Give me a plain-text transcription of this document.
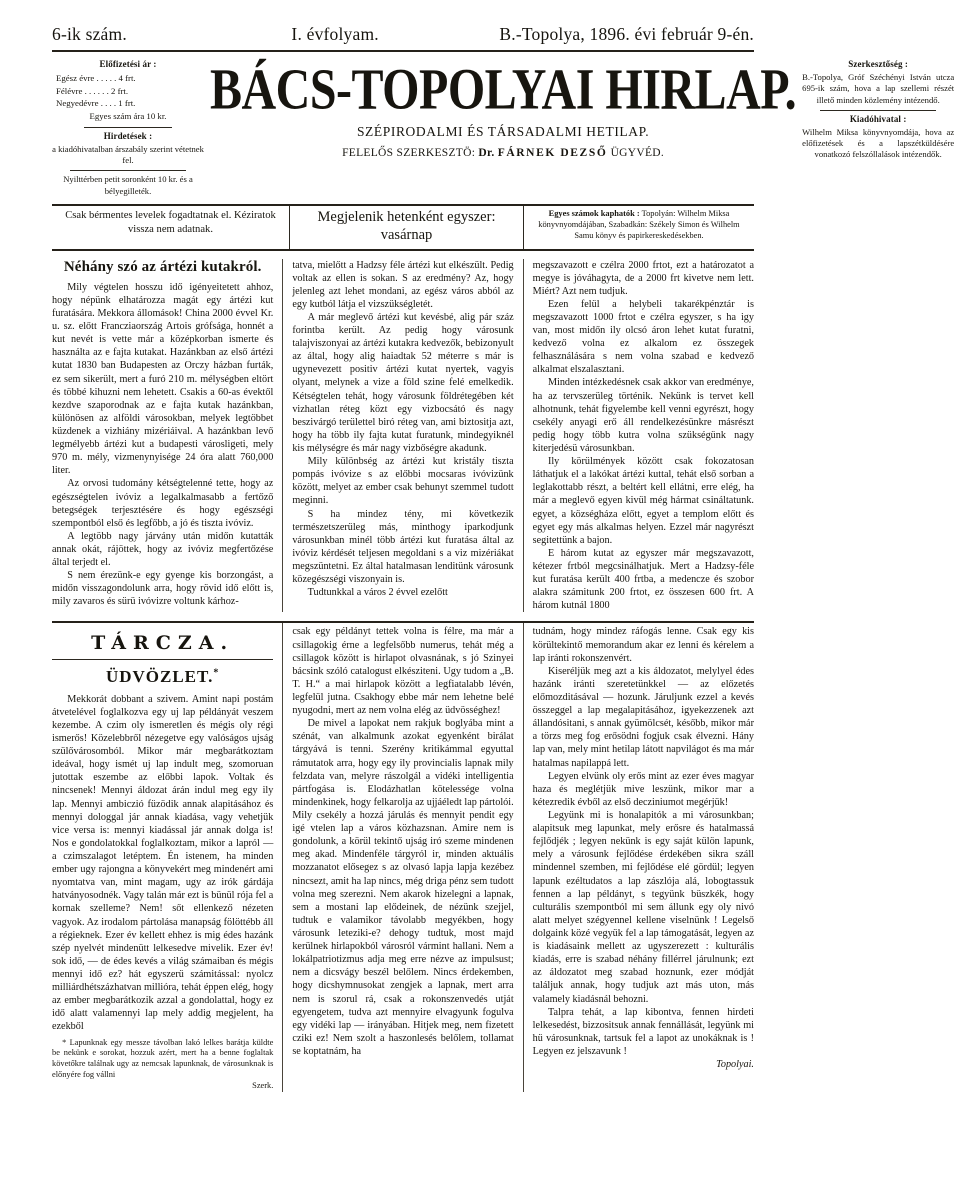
6-ik szám.	I. évfolyam.	B.-Topolya, 1896. évi február 9-én.
Előfizetési ár :
Egész évre . . . . . 4 frt.
Félévre . . . . . . 2 frt.
Negyedévre . . . . 1 frt.
Egyes szám ára 10 kr.
Hirdetések :

a kiadóhivatalban árszabály szerint vétetnek fel.

Nyilttérben petit soronként 10 kr. és a bélyegilleték.

BÁCS-TOPOLYAI HIRLAP.
SZÉPIRODALMI ÉS TÁRSADALMI HETILAP.
FELELŐS SZERKESZTÖ: Dr. FÁRNEK DEZSŐ ÜGYVÉD.
Szerkesztőség :

B.-Topolya, Gróf Széchényi István utcza 695-ik szám, hova a lap szellemi részét illető minden közlemény intézendő.

Kiadóhivatal :

Wilhelm Miksa könyvnyomdája, hova az előfizetések és a lapszétküldésére vonatkozó felszóllalások intézendők.

Csak bérmentes levelek fogadtatnak el. Kéziratok vissza nem adatnak.
Megjelenik hetenként egyszer:
vasárnap
Egyes számok kaphatók : Topolyán: Wilhelm Miksa könyvnyomdájában, Szabadkán: Székely Simon és Wilhelm Samu könyv és papirkereskedésekben.
Néhány szó az ártézi kutakról.

Mily végtelen hosszu idő igényeitetett ahhoz, hogy népünk elhatározza magát egy ártézi kut furatására. Mekkora állomások! China 2000 évvel Kr. u. sz. előtt Francziaország Artois grófsága, honnét a kut nevét is vette már a középkorban ismerte és használta az e fajta kutakat. Hazánkban az első ártézi kutat 1830 ban Budapesten az Orczy házban furták, ez sem sikerült, mert a furó 210 m. mélységben eltört és többé kihuzni nem lehetett. Csakis a 60-as évektől kezdve szaporodnak az e fajta kutak hazánkban, különösen az alföldi városokban, melyek legtöbbet küzdenek a vizhiány mizériáival. A hazánkban levő legmélyebb ártézi kut a budapesti városligeti, mely 970 m. mély, vizmenynyisége 24 óra alatt 760,000 liter.

Az orvosi tudomány kétségtelenné tette, hogy az egészségtelen ivóviz a legalkalmasabb a fertőző betegségek terjesztésére és hogy egészségi szempontból első és legfőbb, a jó és tiszta ivóviz.

A legtöbb nagy járvány után midőn kutatták annak okát, rájöttek, hogy az ivóviz megfertőzése által terjedt el.

S nem érezünk-e egy gyenge kis borzongást, a midőn visszagondolunk arra, hogy rövid idő előtt is, mily zavaros és sürü ivóvizre voltunk kárhoz-

tatva, mielőtt a Hadzsy féle ártézi kut elkészült. Pedig voltak az ellen is sokan. S az eredmény? Az, hogy jelenleg azt lehet mondani, az egész város abból az egy kutból látja el vizszükségletét.

A már meglevő ártézi kut kevésbé, alig pár száz forintba került. Az pedig hogy városunk talajviszonyai az ártézi kutakra kedvezők, bebizonyult az által, hogy alig haiadtak 52 méterre s már is ugynevezett positiv ártézi kutat nyertek, vagyis olyant, melynek a vize a föld szine felé emelkedik. Kétségtelen tehát, hogy városunk földrétegében két vizhatlan réteg közt egy vizbocsátó és nagy beszivárgó területtel biró réteg van, ami biztositja azt, hogy ha több ily fajta kutat furatunk, mindegyiknél kis mélységre és már nagy vizbőségre akadunk.

Mily különbség az ártézi kut kristály tiszta pompás ivóvize s az előbbi mocsaras ivóvizünk között, melyet az ember csak behunyt szemmel tudott meginni.

S ha mindez tény, mi következik természetszerüleg más, minthogy iparkodjunk városunkban minél több ártézi kut furatása által az ivóviz kérdését teljesen megoldani s a viz mizériákat megszüntetni. Ez által hatalmasan lenditünk városunk közegészségi viszonyain is.

Tudtunkkal a város 2 évvel ezelőtt

megszavazott e czélra 2000 frtot, ezt a határozatot a megye is jóváhagyta, de a 2000 frt kivetve nem lett. Miért? Azt nem tudjuk.

Ezen felül a helybeli takarékpénztár is megszavazott 1000 frtot e czélra egyszer, s ha igy van, most midőn ily olcsó áron lehet kutat furatni, kedvező volna ez alkalom ez összegek felhasználására s nem volna szabad e kedvező alkalmat elszalasztani.

Minden intézkedésnek csak akkor van eredménye, ha az tervszerüleg történik. Nekünk is tervet kell alhotnunk, tehát figyelembe kell venni egyrészt, hogy csekély anyagi erő áll rendelkezésünkre másrészt pedig hogy több kutra volna szükségünk nagy kiterjedésü városunkban.

Ily körülmények között csak fokozatosan láthatjuk el a lakókat ártézi kuttal, tehát első sorban a leglakottabb részt, a beltért kell ellátni, erre elég, ha már a meglevő egyen kivül még hármat csináltatunk. egyet, a községháza előtt, egyet a templom előtt és egyet egy más alkalmas helyen. Ezzel már nagyrészt segitettünk a bajon.

E három kutat az egyszer már megszavazott, kétezer frtból megcsinálhatjuk. Mert a Hadzsy-féle kut furatása került 400 frtba, a medencze és szobor alakra számitunk 200 frtot, ez összesen 600 frt. A három kutnál 1800

TÁRCZA.
ÜDVÖZLET.*

Mekkorát dobbant a szivem. Amint napi postám átvetelével foglalkozva egy uj lap példányát veszem kezembe. A czim oly ismeretlen és mégis oly régi ismerős! Közelebbről nézegetve egy valóságos ujság szülővárosomból. Mikor már megbarátkoztam ideával, hogy ismét uj lap indult meg, szomoruan jutottak eszembe az előbbi lapok. Voltak és nincsenek! Mennyi áldozat árán indul meg egy ily lap. Mennyi ambiczió füzödik annak alapitásához és mennyi dologgal jár annak kiadása, vagy vehetjük vice versa is: mennyi kiadással jár annak dolga is! Nos e gondolatokkal foglalkoztam, mikor a lapról — a czimszalagot letéptem. Én istenem, ha minden ember ugy rajongna a könyvekért meg mindenért ami nyomtatva van, mint magam, ugy az irók gárdája hatványosodnék. Vagy talán már ezt is bünül rója fel a kornak szelleme? Nem! sőt ellenkező nézeten vagyok. Az irodalom pártolása manapság fölöttébb áll a régieknek. Ezer év kellett ehhez is mig édes hazánk szép nyelvét mindenütt lelkesedve mivelik. Ezer év! sok idő, — de édes kevés a világ számaiban és mégis mennyi idő ez? hát egyszerü számitással: nyolcz milliárdhétszázhatvan millióra, tehát éppen elég, hogy az ember megbarátkozik azzal a gondolattal, hogy ez idő alatt valamennyi lap mely addig megjelent, ha ezekből

* Lapunknak egy messze távolban lakó lelkes barátja küldte be nekünk e sorokat, hozzuk azért, mert ha a benne foglaltak követőkre találnak ugy az nemcsak lapunknak, de városunknak is előnyére fog vállni

Szerk.

csak egy példányt tettek volna is félre, ma már a csillagokig érne a legfelsőbb numerus, tehát még a csillagok között is hirlapot olvasnának, s jó Szinyei bácsink szóló catalogust elkésziteni. Ugy tudom a „B. T. H.“ a mai hirlapok között a legfiatalabb lévén, legfelül jutna. Csakhogy ebbe már nem lehetne belé nyugodni, mert az nem volna elég az üdvösséghez!

De mivel a lapokat nem rakjuk boglyába mint a szénát, van alkalmunk azokat egyenként birálat tárgyává is tenni. Szerény kritikámmal egyuttal rámutatok arra, hogy egy ily provincialis lapnak mily felzdata van, melyre rászolgál a vidéki intelligentia pártfogása is. Elodázhatlan kötelessége volna mindenkinek, hogy felkarolja az ujjáéledt lap pártolói. Mily csekély a hozzá járulás és mennyit pendit egy igé vtelen lap a város közhazsnan. Amire nem is gondolunk, a körül tekintő ujság iró szeme mindenen meg akad. Mindenféle tárgyról ir, minden aktuális mozzanatot elősegez s az olvasó lapja lapja kezébez nincsezt, amit ha lap nincs, még driga pénz sem tudott volna meg szerezni. Nem akarok hizelegni a lapnak, sem a mostani lap elődeinek, de nézünk szejjel, tudtuk e valamikor távolabb megyékben, hogy városunk leteziki-e? dehogy tudtuk, most majd kerülnek hirlapokból városról vármint hallani. Nem a lokálpatriotizmus adja meg erre nézve az impulsust; nem a dicsvágy beszél belőlem. Nincs érdekemben, hogy dicshymnusokat zengjek a lapnak, mert arra nem is szorul rá, csak a rokonszenvedés utját egyengetem, tudva azt mennyire elvagyunk fogulva egy vidéki lap — irányában. Hitjek meg, nem fizetett cziki ez! Nem szolt a haszonlesés belőlem, tollamat se koptatnám, ha

tudnám, hogy mindez ráfogás lenne. Csak egy kis körültekintő memorandum akar ez lenni és kérelem a lap iránti rokonszenvért.

Kiseréljük meg azt a kis áldozatot, melylyel édes hazánk iránti szeretetünkkel — az előzetés előmozditásával — hozunk. Járuljunk ezzel a kevés összeggel a lap megalapitásához, igyekezzenek azt állandósitani, s annak gyümölcsét, később, mikor már a törzs meg fog erősödni fogjuk csak élvezni. Hány lap van, mely mint hetilap látott napvilágot és ma már hatalmas napilappá lett.

Legyen elvünk oly erős mint az ezer éves magyar haza és meglétjük mive leszünk, mikor mar a kétezredik évből az első decziniumot megérjük!

Legyünk mi is honalapitók a mi városunkban; alapitsuk meg lapunkat, mely erősre és hatalmassá fejlődjék ; legyen nekünk is egy saját külön lapunk, mely a városunk fejlődése érdekében sikra száll mindennel szemben, mi fejlődése elé gördül; legyen lapunk ezéltudatos a lap zászlója alá, lobogtassuk fennen a lap példányt, s tegyünk büszkék, hogy culturális szempontból mi sem állunk egy oly nivó alatt melyet szégyennel kellene viselnünk ! Legelső dolgaink közé vegyük fel a lap támogatását, legyen az is kiadásaink mellett az ugyszerezett : kulturális kiadás, erre is szabad néhány fillérrel járulnunk; ezt az áldozatot meg szabad hoznunk, ezer módját találjuk annak, hogy tudjuk azt más uton, más valamely kiadásnál behozni.

Talpra tehát, a lap kibontva, fennen hirdeti lelkesedést, bizzositsuk annak fennállását, legyünk mi hü városunknak, tartsuk fel a lapot az unokáknak is ! Legyen ez jelszavunk !

Topolyai.
